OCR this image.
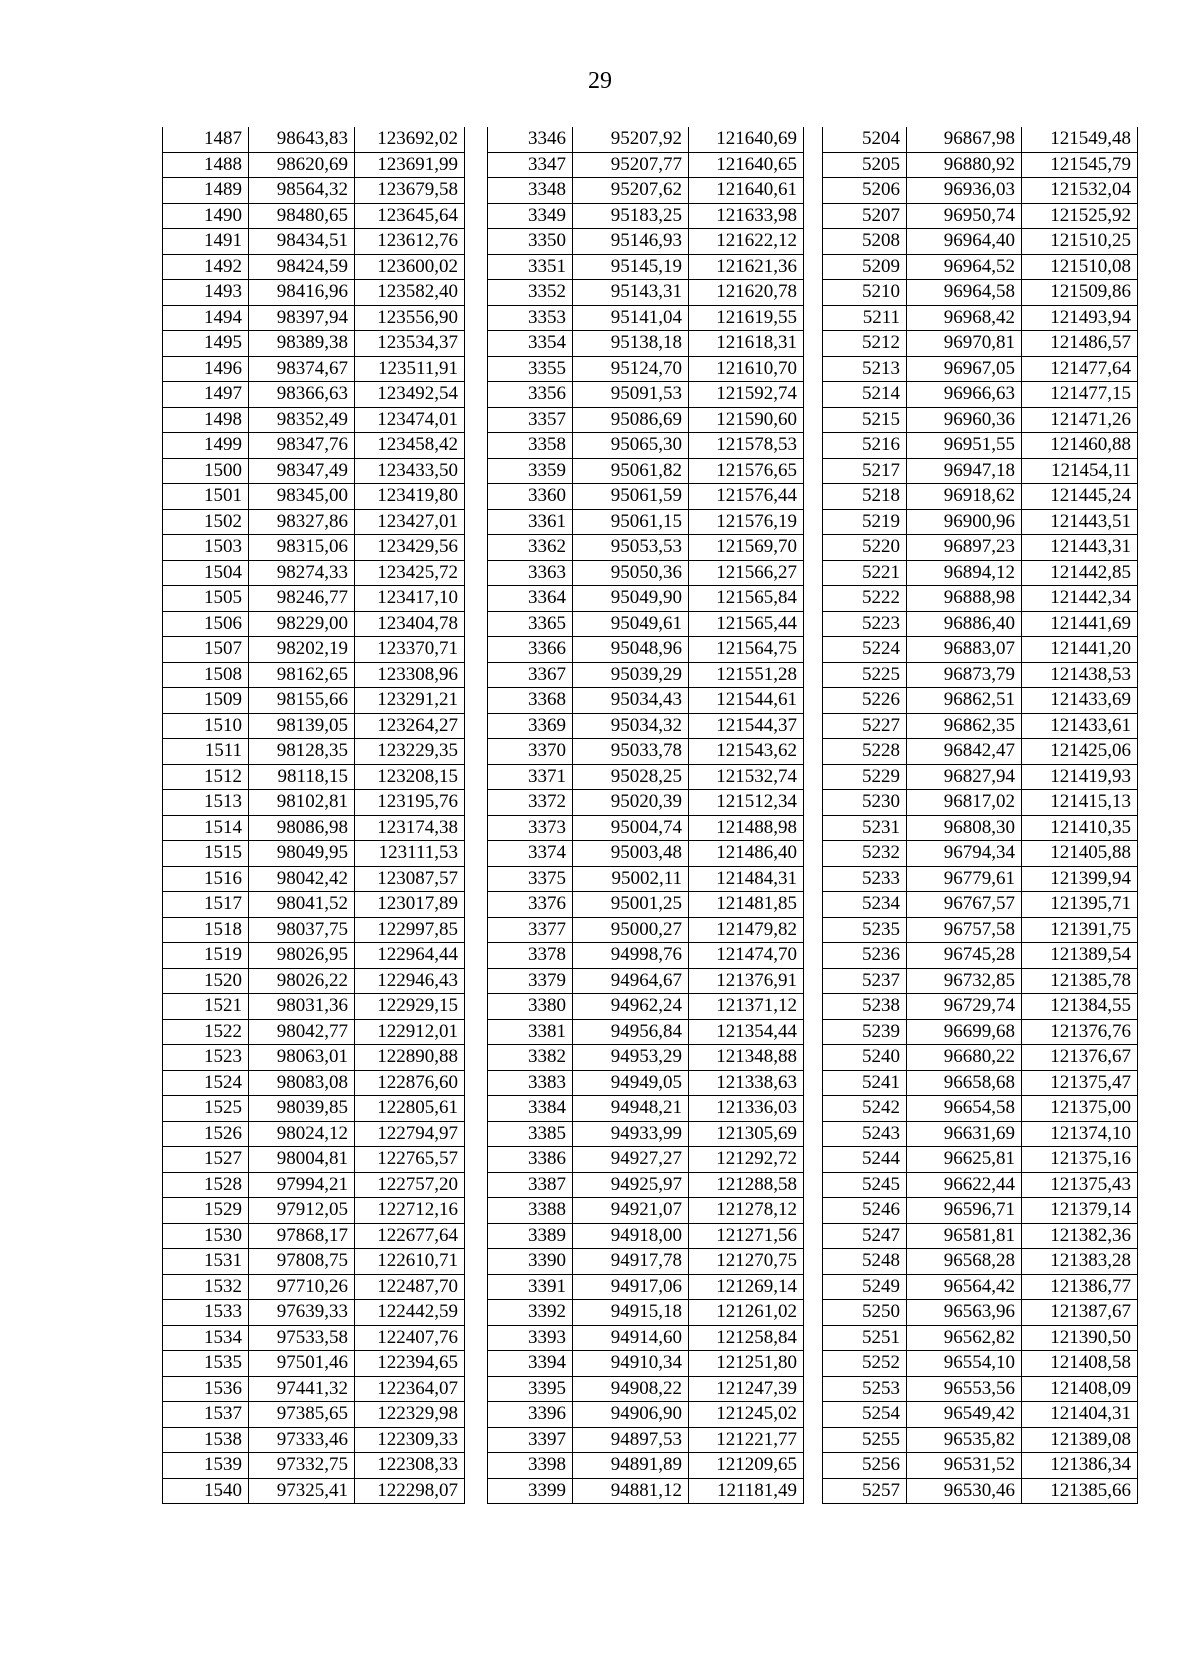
29
1487	98643,83	123692,02
1488	98620,69	123691,99
1489	98564,32	123679,58
1490	98480,65	123645,64
1491	98434,51	123612,76
1492	98424,59	123600,02
1493	98416,96	123582,40
1494	98397,94	123556,90
1495	98389,38	123534,37
1496	98374,67	123511,91
1497	98366,63	123492,54
1498	98352,49	123474,01
1499	98347,76	123458,42
1500	98347,49	123433,50
1501	98345,00	123419,80
1502	98327,86	123427,01
1503	98315,06	123429,56
1504	98274,33	123425,72
1505	98246,77	123417,10
1506	98229,00	123404,78
1507	98202,19	123370,71
1508	98162,65	123308,96
1509	98155,66	123291,21
1510	98139,05	123264,27
1511	98128,35	123229,35
1512	98118,15	123208,15
1513	98102,81	123195,76
1514	98086,98	123174,38
1515	98049,95	123111,53
1516	98042,42	123087,57
1517	98041,52	123017,89
1518	98037,75	122997,85
1519	98026,95	122964,44
1520	98026,22	122946,43
1521	98031,36	122929,15
1522	98042,77	122912,01
1523	98063,01	122890,88
1524	98083,08	122876,60
1525	98039,85	122805,61
1526	98024,12	122794,97
1527	98004,81	122765,57
1528	97994,21	122757,20
1529	97912,05	122712,16
1530	97868,17	122677,64
1531	97808,75	122610,71
1532	97710,26	122487,70
1533	97639,33	122442,59
1534	97533,58	122407,76
1535	97501,46	122394,65
1536	97441,32	122364,07
1537	97385,65	122329,98
1538	97333,46	122309,33
1539	97332,75	122308,33
1540	97325,41	122298,07
3346	95207,92	121640,69
3347	95207,77	121640,65
3348	95207,62	121640,61
3349	95183,25	121633,98
3350	95146,93	121622,12
3351	95145,19	121621,36
3352	95143,31	121620,78
3353	95141,04	121619,55
3354	95138,18	121618,31
3355	95124,70	121610,70
3356	95091,53	121592,74
3357	95086,69	121590,60
3358	95065,30	121578,53
3359	95061,82	121576,65
3360	95061,59	121576,44
3361	95061,15	121576,19
3362	95053,53	121569,70
3363	95050,36	121566,27
3364	95049,90	121565,84
3365	95049,61	121565,44
3366	95048,96	121564,75
3367	95039,29	121551,28
3368	95034,43	121544,61
3369	95034,32	121544,37
3370	95033,78	121543,62
3371	95028,25	121532,74
3372	95020,39	121512,34
3373	95004,74	121488,98
3374	95003,48	121486,40
3375	95002,11	121484,31
3376	95001,25	121481,85
3377	95000,27	121479,82
3378	94998,76	121474,70
3379	94964,67	121376,91
3380	94962,24	121371,12
3381	94956,84	121354,44
3382	94953,29	121348,88
3383	94949,05	121338,63
3384	94948,21	121336,03
3385	94933,99	121305,69
3386	94927,27	121292,72
3387	94925,97	121288,58
3388	94921,07	121278,12
3389	94918,00	121271,56
3390	94917,78	121270,75
3391	94917,06	121269,14
3392	94915,18	121261,02
3393	94914,60	121258,84
3394	94910,34	121251,80
3395	94908,22	121247,39
3396	94906,90	121245,02
3397	94897,53	121221,77
3398	94891,89	121209,65
3399	94881,12	121181,49
5204	96867,98	121549,48
5205	96880,92	121545,79
5206	96936,03	121532,04
5207	96950,74	121525,92
5208	96964,40	121510,25
5209	96964,52	121510,08
5210	96964,58	121509,86
5211	96968,42	121493,94
5212	96970,81	121486,57
5213	96967,05	121477,64
5214	96966,63	121477,15
5215	96960,36	121471,26
5216	96951,55	121460,88
5217	96947,18	121454,11
5218	96918,62	121445,24
5219	96900,96	121443,51
5220	96897,23	121443,31
5221	96894,12	121442,85
5222	96888,98	121442,34
5223	96886,40	121441,69
5224	96883,07	121441,20
5225	96873,79	121438,53
5226	96862,51	121433,69
5227	96862,35	121433,61
5228	96842,47	121425,06
5229	96827,94	121419,93
5230	96817,02	121415,13
5231	96808,30	121410,35
5232	96794,34	121405,88
5233	96779,61	121399,94
5234	96767,57	121395,71
5235	96757,58	121391,75
5236	96745,28	121389,54
5237	96732,85	121385,78
5238	96729,74	121384,55
5239	96699,68	121376,76
5240	96680,22	121376,67
5241	96658,68	121375,47
5242	96654,58	121375,00
5243	96631,69	121374,10
5244	96625,81	121375,16
5245	96622,44	121375,43
5246	96596,71	121379,14
5247	96581,81	121382,36
5248	96568,28	121383,28
5249	96564,42	121386,77
5250	96563,96	121387,67
5251	96562,82	121390,50
5252	96554,10	121408,58
5253	96553,56	121408,09
5254	96549,42	121404,31
5255	96535,82	121389,08
5256	96531,52	121386,34
5257	96530,46	121385,66
